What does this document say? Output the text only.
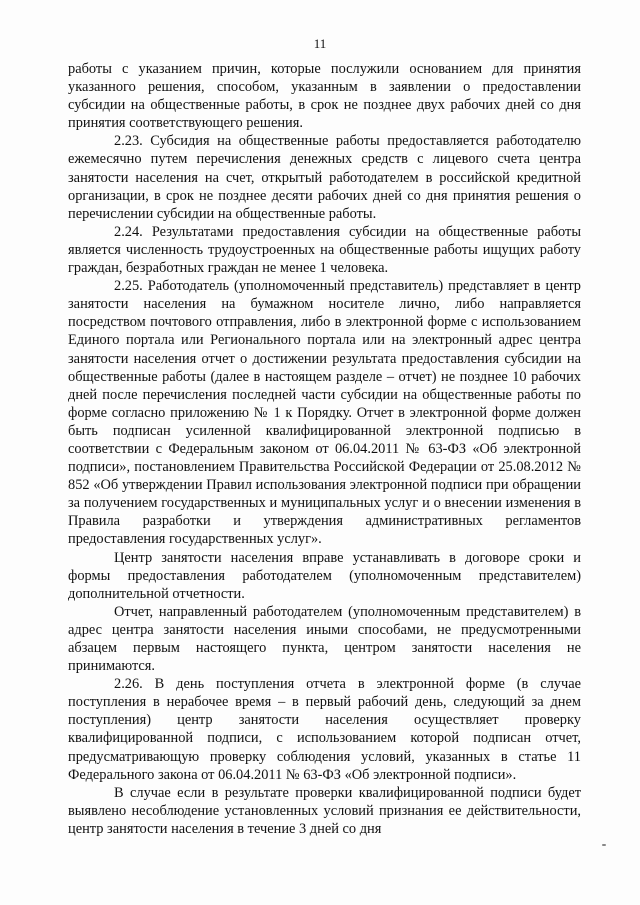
11

работы с указанием причин, которые послужили основанием для принятия указанного решения, способом, указанным в заявлении о предоставлении субсидии на общественные работы, в срок не позднее двух рабочих дней со дня принятия соответствующего решения.

2.23. Субсидия на общественные работы предоставляется работодателю ежемесячно путем перечисления денежных средств с лицевого счета центра занятости населения на счет, открытый работодателем в российской кредитной организации, в срок не позднее десяти рабочих дней со дня принятия решения о перечислении субсидии на общественные работы.

2.24. Результатами предоставления субсидии на общественные работы является численность трудоустроенных на общественные работы ищущих работу граждан, безработных граждан не менее 1 человека.

2.25. Работодатель (уполномоченный представитель) представляет в центр занятости населения на бумажном носителе лично, либо направляется посредством почтового отправления, либо в электронной форме с использованием Единого портала или Регионального портала или на электронный адрес центра занятости населения отчет о достижении результата предоставления субсидии на общественные работы (далее в настоящем разделе – отчет) не позднее 10 рабочих дней после перечисления последней части субсидии на общественные работы по форме согласно приложению № 1 к Порядку. Отчет в электронной форме должен быть подписан усиленной квалифицированной электронной подписью в соответствии с Федеральным законом от 06.04.2011 № 63-ФЗ «Об электронной подписи», постановлением Правительства Российской Федерации от 25.08.2012 № 852 «Об утверждении Правил использования электронной подписи при обращении за получением государственных и муниципальных услуг и о внесении изменения в Правила разработки и утверждения административных регламентов предоставления государственных услуг».

Центр занятости населения вправе устанавливать в договоре сроки и формы предоставления работодателем (уполномоченным представителем) дополнительной отчетности.

Отчет, направленный работодателем (уполномоченным представителем) в адрес центра занятости населения иными способами, не предусмотренными абзацем первым настоящего пункта, центром занятости населения не принимаются.

2.26. В день поступления отчета в электронной форме (в случае поступления в нерабочее время – в первый рабочий день, следующий за днем поступления) центр занятости населения осуществляет проверку квалифицированной подписи, с использованием которой подписан отчет, предусматривающую проверку соблюдения условий, указанных в статье 11 Федерального закона от 06.04.2011 № 63-ФЗ «Об электронной подписи».

В случае если в результате проверки квалифицированной подписи будет выявлено несоблюдение установленных условий признания ее действительности, центр занятости населения в течение 3 дней со дня
